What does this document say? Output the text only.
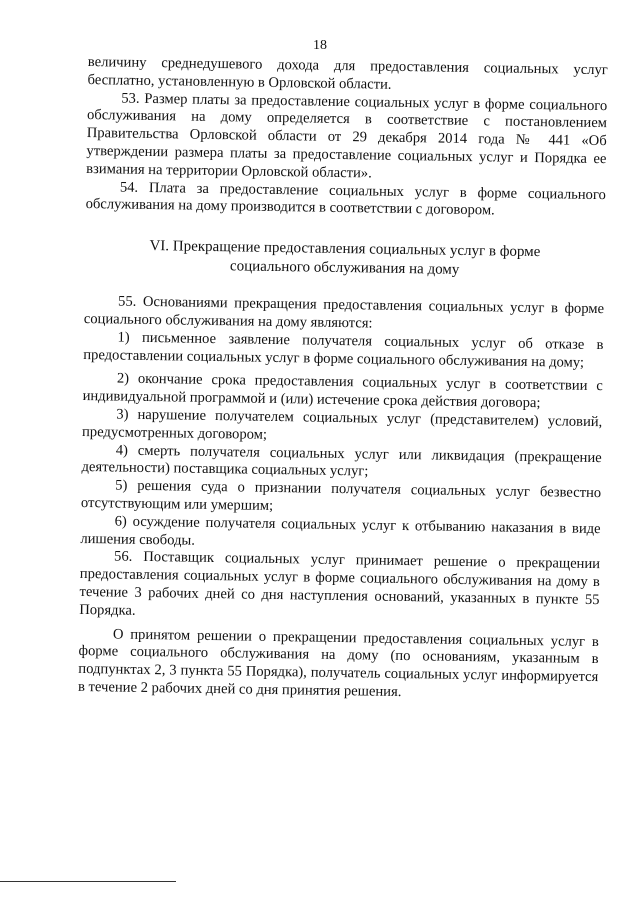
18

величину среднедушевого дохода для предоставления социальных услуг бесплатно, установленную в Орловской области.

53. Размер платы за предоставление социальных услуг в форме социального обслуживания на дому определяется в соответствие с постановлением Правительства Орловской области от 29 декабря 2014 года № 441 «Об утверждении размера платы за предоставление социальных услуг и Порядка ее взимания на территории Орловской области».

54. Плата за предоставление социальных услуг в форме социального обслуживания на дому производится в соответствии с договором.

VI. Прекращение предоставления социальных услуг в форме
социального обслуживания на дому

55. Основаниями прекращения предоставления социальных услуг в форме социального обслуживания на дому являются:

1) письменное заявление получателя социальных услуг об отказе в предоставлении социальных услуг в форме социального обслуживания на дому;

2) окончание срока предоставления социальных услуг в соответствии с индивидуальной программой и (или) истечение срока действия договора;

3) нарушение получателем социальных услуг (представителем) условий, предусмотренных договором;

4) смерть получателя социальных услуг или ликвидация (прекращение деятельности) поставщика социальных услуг;

5) решения суда о признании получателя социальных услуг безвестно отсутствующим или умершим;

6) осуждение получателя социальных услуг к отбыванию наказания в виде лишения свободы.

56. Поставщик социальных услуг принимает решение о прекращении предоставления социальных услуг в форме социального обслуживания на дому в течение 3 рабочих дней со дня наступления оснований, указанных в пункте 55 Порядка.

О принятом решении о прекращении предоставления социальных услуг в форме социального обслуживания на дому (по основаниям, указанным в подпунктах 2, 3 пункта 55 Порядка), получатель социальных услуг информируется в течение 2 рабочих дней со дня принятия решения.
